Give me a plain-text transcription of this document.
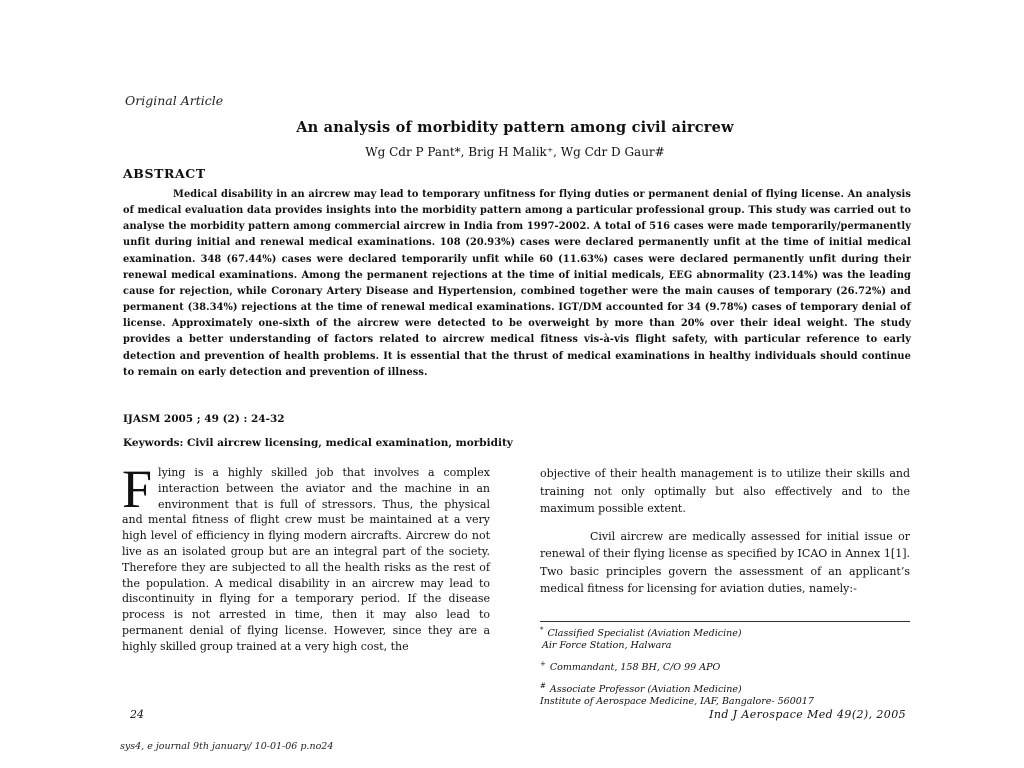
Original Article
An analysis of morbidity pattern among civil aircrew
Wg Cdr P Pant*, Brig H Malik⁺, Wg Cdr D Gaur#
ABSTRACT
Medical disability in an aircrew may lead to temporary unfitness for flying duties or permanent denial of flying license. An analysis of medical evaluation data provides insights into the morbidity pattern among a particular professional group. This study was carried out to analyse the morbidity pattern among commercial aircrew in India from 1997-2002. A total of 516 cases were made temporarily/permanently unfit during initial and renewal medical examinations. 108 (20.93%) cases were declared permanently unfit at the time of initial medical examination. 348 (67.44%) cases were declared temporarily unfit while 60 (11.63%) cases were declared permanently unfit during their renewal medical examinations. Among the permanent rejections at the time of initial medicals, EEG abnormality (23.14%) was the leading cause for rejection, while Coronary Artery Disease and Hypertension, combined together were the main causes of temporary (26.72%) and permanent (38.34%) rejections at the time of renewal medical examinations. IGT/DM accounted for 34 (9.78%) cases of temporary denial of license. Approximately one-sixth of the aircrew were detected to be overweight by more than 20% over their ideal weight. The study provides a better understanding of factors related to aircrew medical fitness vis-à-vis flight safety, with particular reference to early detection and prevention of health problems. It is essential that the thrust of medical examinations in healthy individuals should continue to remain on early detection and prevention of illness.
IJASM 2005 ; 49 (2) : 24-32
Keywords: Civil aircrew licensing, medical examination, morbidity
F lying is a highly skilled job that involves a complex interaction between the aviator and the machine in an environment that is full of stressors. Thus, the physical and mental fitness of flight crew must be maintained at a very high level of efficiency in flying modern aircrafts. Aircrew do not live as an isolated group but are an integral part of the society. Therefore they are subjected to all the health risks as the rest of the population. A medical disability in an aircrew may lead to discontinuity in flying for a temporary period. If the disease process is not arrested in time, then it may also lead to permanent denial of flying license. However, since they are a highly skilled group trained at a very high cost, the

objective of their health management is to utilize their skills and training not only optimally but also effectively and to the maximum possible extent.

Civil aircrew are medically assessed for initial issue or renewal of their flying license as specified by ICAO in Annex 1[1]. Two basic principles govern the assessment of an applicant’s medical fitness for licensing for aviation duties, namely:-

* Classified Specialist (Aviation Medicine)
Air Force Station, Halwara
+ Commandant, 158 BH, C/O 99 APO
# Associate Professor (Aviation Medicine)
Institute of Aerospace Medicine, IAF, Bangalore- 560017
24	Ind J Aerospace Med 49(2), 2005
sys4, e journal 9th january/ 10-01-06 p.no24
